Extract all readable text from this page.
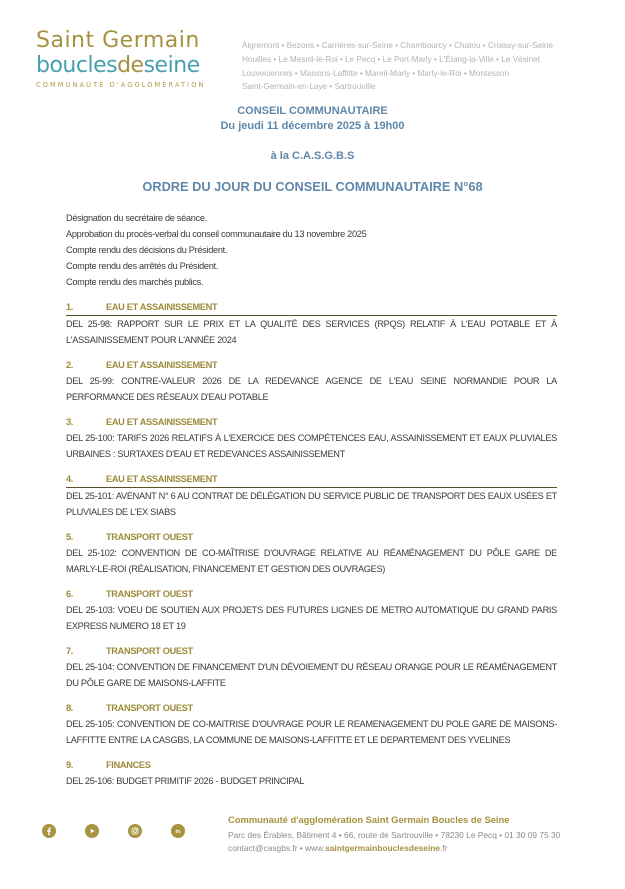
Saint Germain
bouclesdeseine
COMMUNAUTÉ D'AGGLOMÉRATION
Aigremont • Bezons • Carrières-sur-Seine • Chambourcy • Chatou • Croissy-sur-Seine
Houilles • Le Mesnil-le-Roi • Le Pecq • Le Port-Marly • L'Étang-la-Ville • Le Vésinet
Louveciennes • Maisons-Laffitte • Mareil-Marly • Marly-le-Roi • Montesson
Saint-Germain-en-Laye • Sartrouville
CONSEIL COMMUNAUTAIRE
Du jeudi 11 décembre 2025 à 19h00
à la C.A.S.G.B.S
ORDRE DU JOUR DU CONSEIL COMMUNAUTAIRE N°68
Désignation du secrétaire de séance.
Approbation du procès-verbal du conseil communautaire du 13 novembre 2025
Compte rendu des décisions du Président.
Compte rendu des arrêtés du Président.
Compte rendu des marchés publics.
1.	EAU ET ASSAINISSEMENT
DEL 25-98: RAPPORT SUR LE PRIX ET LA QUALITÉ DES SERVICES (RPQS) RELATIF À L'EAU POTABLE ET À L'ASSAINISSEMENT POUR L'ANNÉE 2024
2.	EAU ET ASSAINISSEMENT
DEL 25-99: CONTRE-VALEUR 2026 DE LA REDEVANCE AGENCE DE L'EAU SEINE NORMANDIE POUR LA PERFORMANCE DES RÉSEAUX D'EAU POTABLE
3.	EAU ET ASSAINISSEMENT
DEL 25-100: TARIFS 2026 RELATIFS À L'EXERCICE DES COMPÉTENCES EAU, ASSAINISSEMENT ET EAUX PLUVIALES URBAINES : SURTAXES D'EAU ET REDEVANCES ASSAINISSEMENT
4.	EAU ET ASSAINISSEMENT
DEL 25-101: AVENANT N° 6 AU CONTRAT DE DÉLÉGATION DU SERVICE PUBLIC DE TRANSPORT DES EAUX USÉES ET PLUVIALES DE L'EX SIABS
5.	TRANSPORT OUEST
DEL 25-102: CONVENTION DE CO-MAÎTRISE D'OUVRAGE RELATIVE AU RÉAMÉNAGEMENT DU PÔLE GARE DE MARLY-LE-ROI (RÉALISATION, FINANCEMENT ET GESTION DES OUVRAGES)
6.	TRANSPORT OUEST
DEL 25-103: VOEU DE SOUTIEN AUX PROJETS DES FUTURES LIGNES DE METRO AUTOMATIQUE DU GRAND PARIS EXPRESS NUMERO 18 ET 19
7.	TRANSPORT OUEST
DEL 25-104: CONVENTION DE FINANCEMENT D'UN DÉVOIEMENT DU RÉSEAU ORANGE POUR LE RÉAMÉNAGEMENT DU PÔLE GARE DE MAISONS-LAFFITE
8.	TRANSPORT OUEST
DEL 25-105: CONVENTION DE CO-MAITRISE D'OUVRAGE POUR LE REAMENAGEMENT DU POLE GARE DE MAISONS-LAFFITTE ENTRE LA CASGBS, LA COMMUNE DE MAISONS-LAFFITTE ET LE DEPARTEMENT DES YVELINES
9.	FINANCES
DEL 25-106: BUDGET PRIMITIF 2026 - BUDGET PRINCIPAL
in
Communauté d'agglomération Saint Germain Boucles de Seine
Parc des Érables, Bâtiment 4 • 66, route de Sartrouville • 78230 Le Pecq • 01 30 09 75 30
contact@casgbs.fr • www.saintgermainbouclesdeseine.fr
